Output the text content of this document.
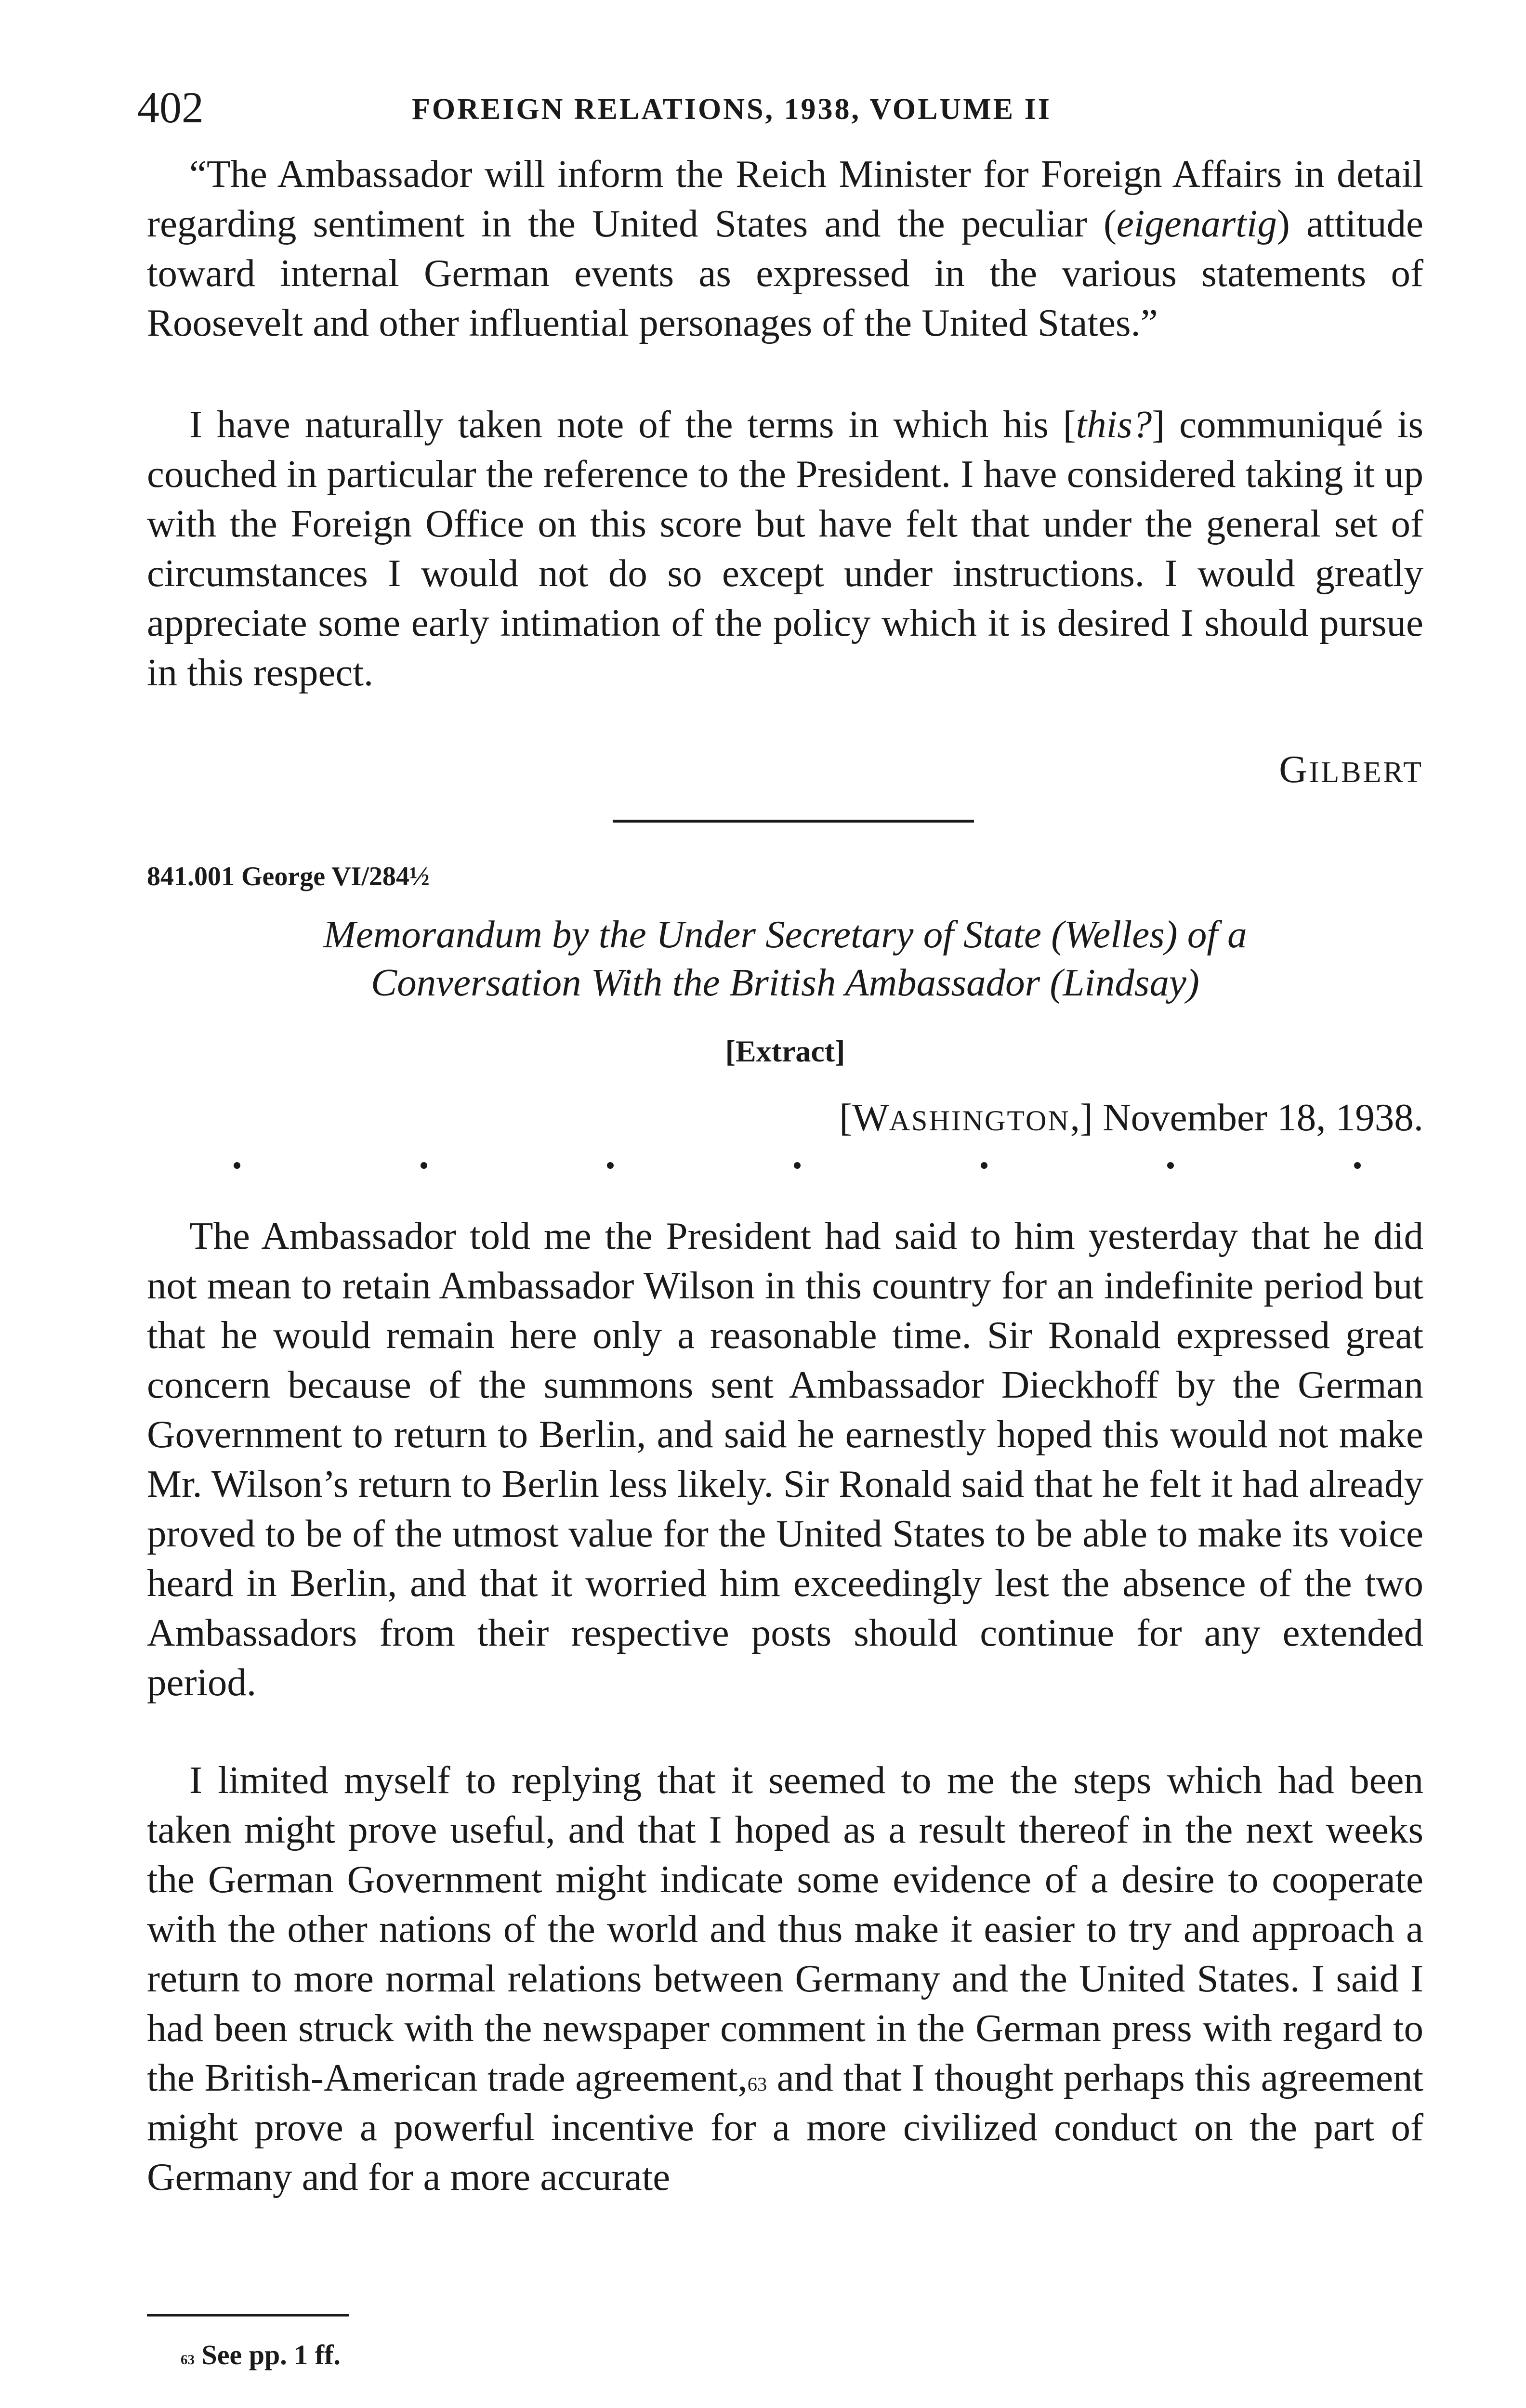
402	FOREIGN RELATIONS, 1938, VOLUME II

“The Ambassador will inform the Reich Minister for Foreign Affairs in detail regarding sentiment in the United States and the peculiar (eigenartig) attitude toward internal German events as expressed in the various statements of Roosevelt and other influential personages of the United States.”

I have naturally taken note of the terms in which his [this?] communiqué is couched in particular the reference to the President. I have considered taking it up with the Foreign Office on this score but have felt that under the general set of circumstances I would not do so except under instructions. I would greatly appreciate some early intimation of the policy which it is desired I should pursue in this respect.

GILBERT
841.001 George VI/284½
Memorandum by the Under Secretary of State (Welles) of a
Conversation With the British Ambassador (Lindsay)
[Extract]
[WASHINGTON,] November 18, 1938.

The Ambassador told me the President had said to him yesterday that he did not mean to retain Ambassador Wilson in this country for an indefinite period but that he would remain here only a reasonable time. Sir Ronald expressed great concern because of the summons sent Ambassador Dieckhoff by the German Government to return to Berlin, and said he earnestly hoped this would not make Mr. Wilson’s return to Berlin less likely. Sir Ronald said that he felt it had already proved to be of the utmost value for the United States to be able to make its voice heard in Berlin, and that it worried him exceedingly lest the absence of the two Ambassadors from their respective posts should continue for any extended period.

I limited myself to replying that it seemed to me the steps which had been taken might prove useful, and that I hoped as a result thereof in the next weeks the German Government might indicate some evidence of a desire to cooperate with the other nations of the world and thus make it easier to try and approach a return to more normal relations between Germany and the United States. I said I had been struck with the newspaper comment in the German press with regard to the British-American trade agreement,$^{63}$ and that I thought perhaps this agreement might prove a powerful incentive for a more civilized conduct on the part of Germany and for a more accurate

$^{63}$ See pp. 1 ff.
